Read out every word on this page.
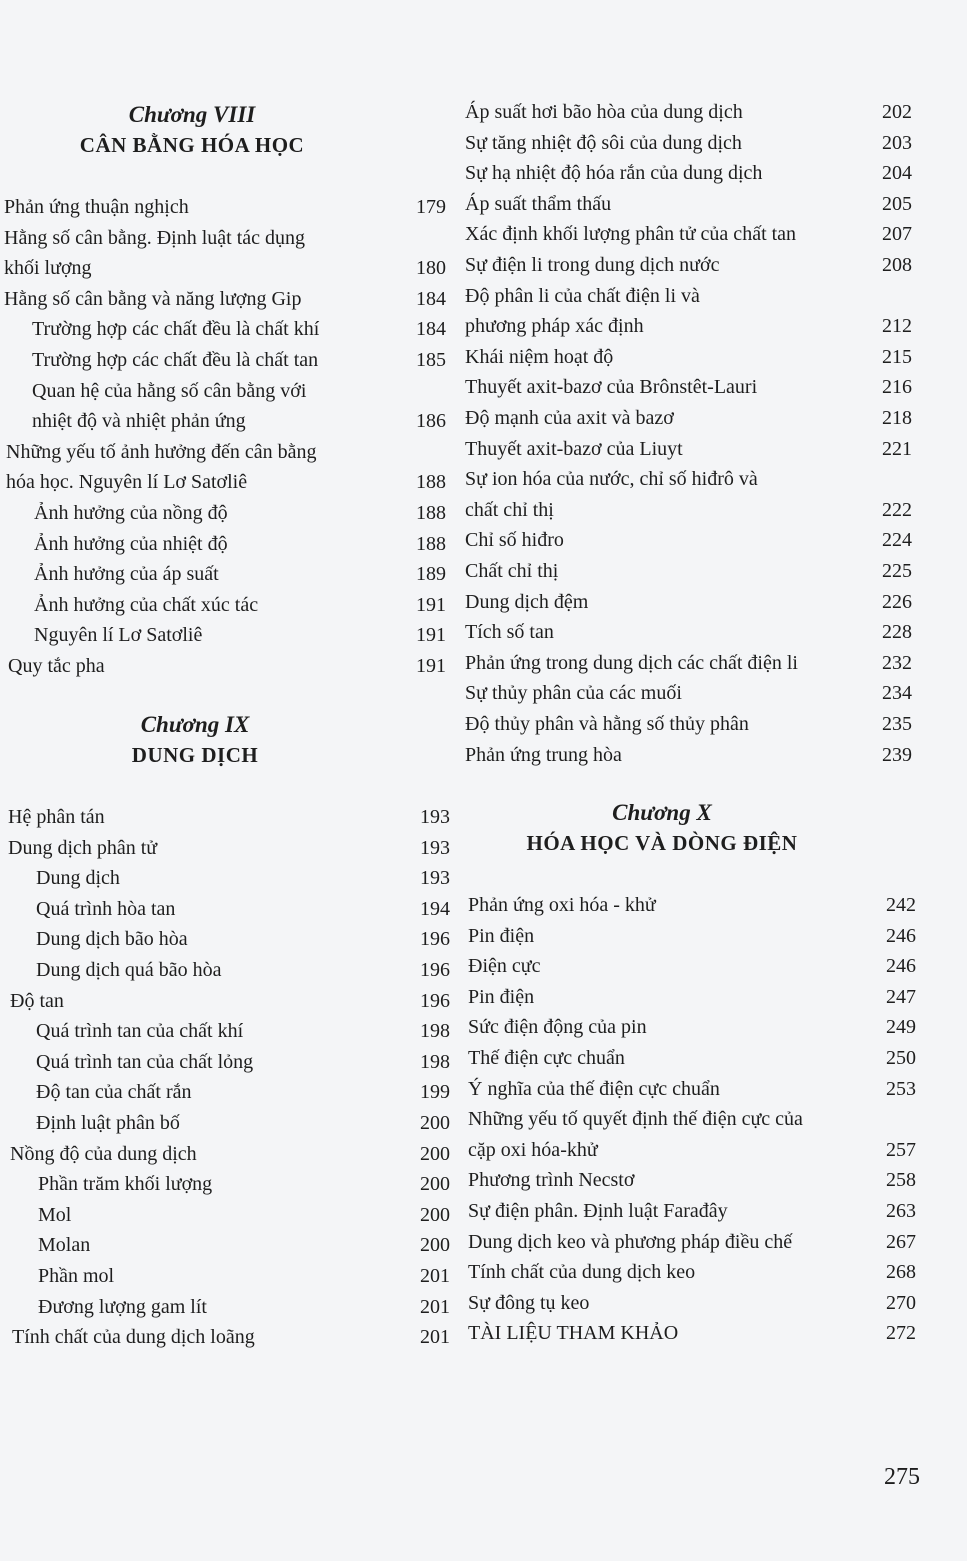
Chương VIII
CÂN BẰNG HÓA HỌC
Phản ứng thuận nghịch	179
Hằng số cân bằng. Định luật tác dụng
khối lượng	180
Hằng số cân bằng và năng lượng Gip	184
Trường hợp các chất đều là chất khí	184
Trường hợp các chất đều là chất tan	185
Quan hệ của hằng số cân bằng với
nhiệt độ và nhiệt phản ứng	186
Những yếu tố ảnh hưởng đến cân bằng
hóa học. Nguyên lí Lơ Satơliê	188
Ảnh hưởng của nồng độ	188
Ảnh hưởng của nhiệt độ	188
Ảnh hưởng của áp suất	189
Ảnh hưởng của chất xúc tác	191
Nguyên lí Lơ Satơliê	191
Quy tắc pha	191
Chương IX
DUNG DỊCH
Hệ phân tán	193
Dung dịch phân tử	193
Dung dịch	193
Quá trình hòa tan	194
Dung dịch bão hòa	196
Dung dịch quá bão hòa	196
Độ tan	196
Quá trình tan của chất khí	198
Quá trình tan của chất lỏng	198
Độ tan của chất rắn	199
Định luật phân bố	200
Nồng độ của dung dịch	200
Phần trăm khối lượng	200
Mol	200
Molan	200
Phần mol	201
Đương lượng gam lít	201
Tính chất của dung dịch loãng	201
Áp suất hơi bão hòa của dung dịch	202
Sự tăng nhiệt độ sôi của dung dịch	203
Sự hạ nhiệt độ hóa rắn của dung dịch	204
Áp suất thẩm thấu	205
Xác định khối lượng phân tử của chất tan	207
Sự điện li trong dung dịch nước	208
Độ phân li của chất điện li và
phương pháp xác định	212
Khái niệm hoạt độ	215
Thuyết axit-bazơ của Brônstêt-Lauri	216
Độ mạnh của axit và bazơ	218
Thuyết axit-bazơ của Liuyt	221
Sự ion hóa của nước, chỉ số hiđrô và
chất chỉ thị	222
Chỉ số hiđro	224
Chất chỉ thị	225
Dung dịch đệm	226
Tích số tan	228
Phản ứng trong dung dịch các chất điện li	232
Sự thủy phân của các muối	234
Độ thủy phân và hằng số thủy phân	235
Phản ứng trung hòa	239
Chương X
HÓA HỌC VÀ DÒNG ĐIỆN
Phản ứng oxi hóa - khử	242
Pin điện	246
Điện cực	246
Pin điện	247
Sức điện động của pin	249
Thế điện cực chuẩn	250
Ý nghĩa của thế điện cực chuẩn	253
Những yếu tố quyết định thế điện cực của
cặp oxi hóa-khử	257
Phương trình Necstơ	258
Sự điện phân. Định luật Farađây	263
Dung dịch keo và phương pháp điều chế	267
Tính chất của dung dịch keo	268
Sự đông tụ keo	270
TÀI LIỆU THAM KHẢO	272
275
